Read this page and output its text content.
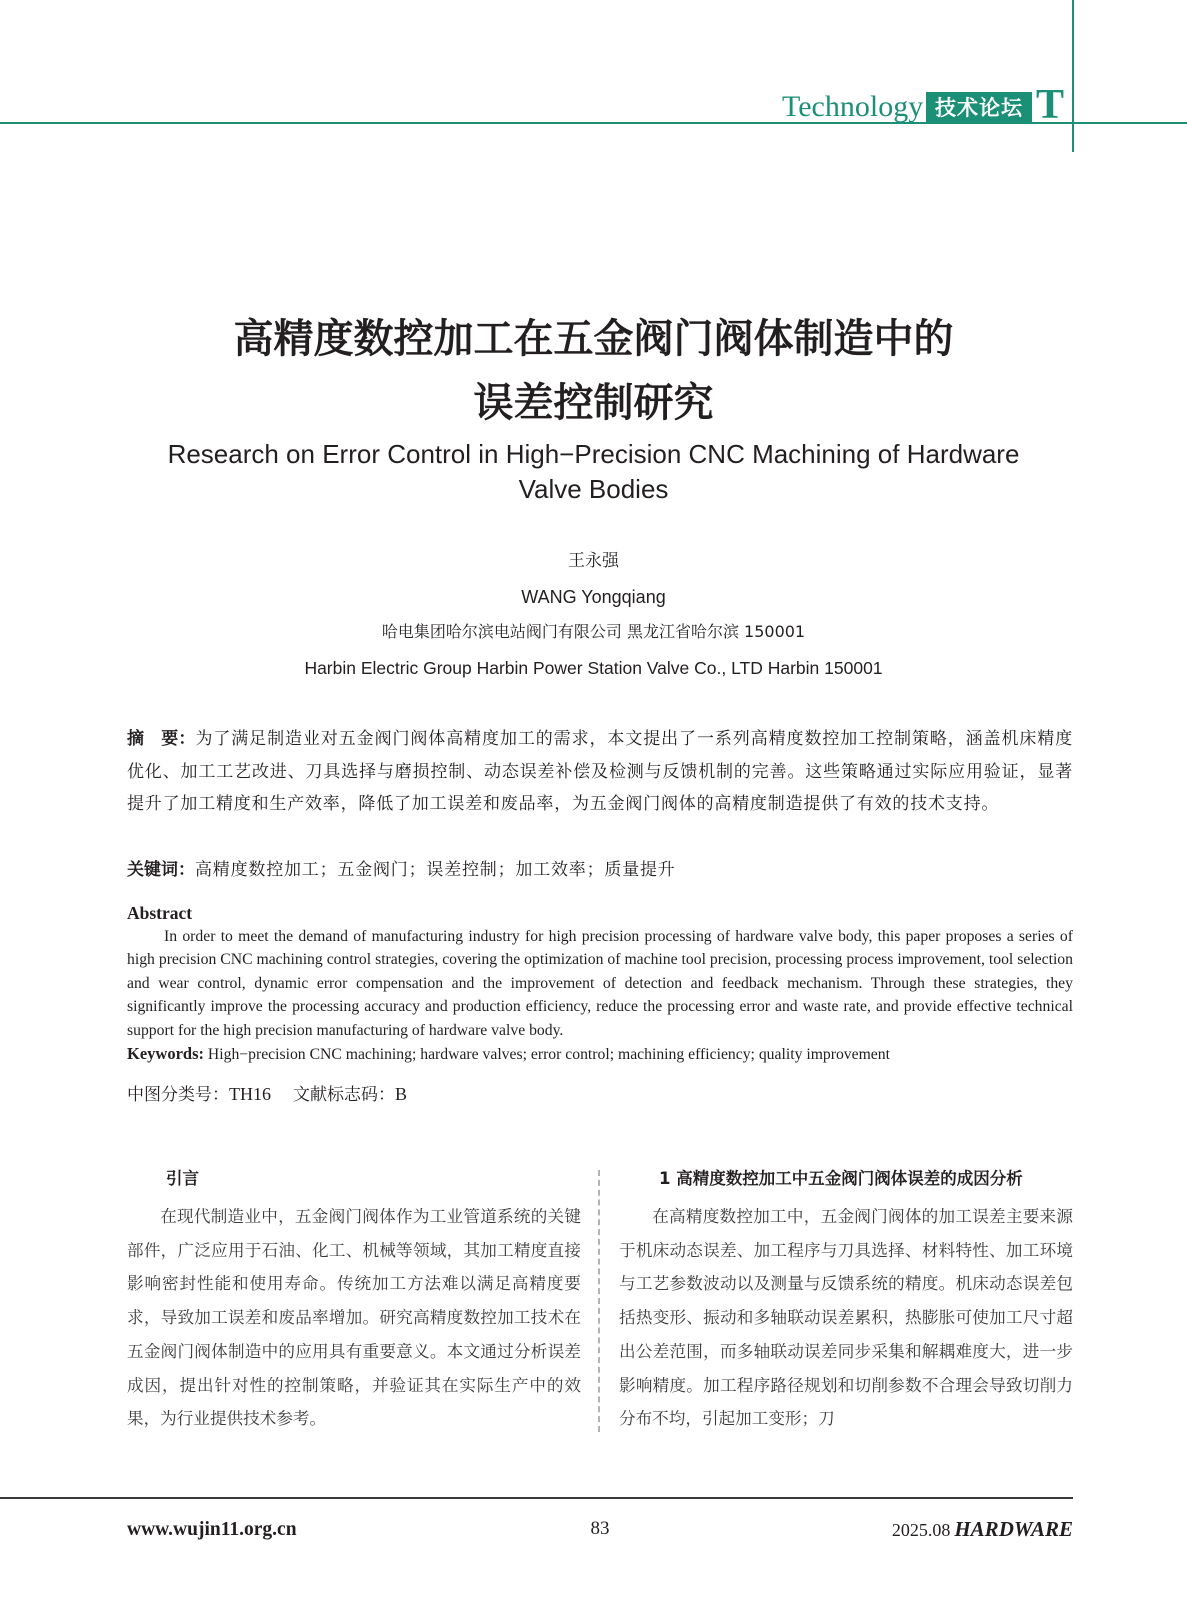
Technology 技术论坛 T
高精度数控加工在五金阀门阀体制造中的
误差控制研究
Research on Error Control in High−Precision CNC Machining of Hardware
Valve Bodies
王永强
WANG Yongqiang
哈电集团哈尔滨电站阀门有限公司 黑龙江省哈尔滨 150001
Harbin Electric Group Harbin Power Station Valve Co., LTD Harbin 150001
摘　要：为了满足制造业对五金阀门阀体高精度加工的需求，本文提出了一系列高精度数控加工控制策略，涵盖机床精度优化、加工工艺改进、刀具选择与磨损控制、动态误差补偿及检测与反馈机制的完善。这些策略通过实际应用验证，显著提升了加工精度和生产效率，降低了加工误差和废品率，为五金阀门阀体的高精度制造提供了有效的技术支持。
关键词：高精度数控加工；五金阀门；误差控制；加工效率；质量提升
Abstract
In order to meet the demand of manufacturing industry for high precision processing of hardware valve body, this paper proposes a series of high precision CNC machining control strategies, covering the optimization of machine tool precision, processing process improvement, tool selection and wear control, dynamic error compensation and the improvement of detection and feedback mechanism. Through these strategies, they significantly improve the processing accuracy and production efficiency, reduce the processing error and waste rate, and provide effective technical support for the high precision manufacturing of hardware valve body.
Keywords: High−precision CNC machining; hardware valves; error control; machining efficiency; quality improvement
中图分类号：TH16 文献标志码：B
引言	1 高精度数控加工中五金阀门阀体误差的成因分析

在现代制造业中，五金阀门阀体作为工业管道系统的关键部件，广泛应用于石油、化工、机械等领域，其加工精度直接影响密封性能和使用寿命。传统加工方法难以满足高精度要求，导致加工误差和废品率增加。研究高精度数控加工技术在五金阀门阀体制造中的应用具有重要意义。本文通过分析误差成因，提出针对性的控制策略，并验证其在实际生产中的效果，为行业提供技术参考。

在高精度数控加工中，五金阀门阀体的加工误差主要来源于机床动态误差、加工程序与刀具选择、材料特性、加工环境与工艺参数波动以及测量与反馈系统的精度。机床动态误差包括热变形、振动和多轴联动误差累积，热膨胀可使加工尺寸超出公差范围，而多轴联动误差同步采集和解耦难度大，进一步影响精度。加工程序路径规划和切削参数不合理会导致切削力分布不均，引起加工变形；刀

www.wujin11.org.cn	83	2025.08 HARDWARE
